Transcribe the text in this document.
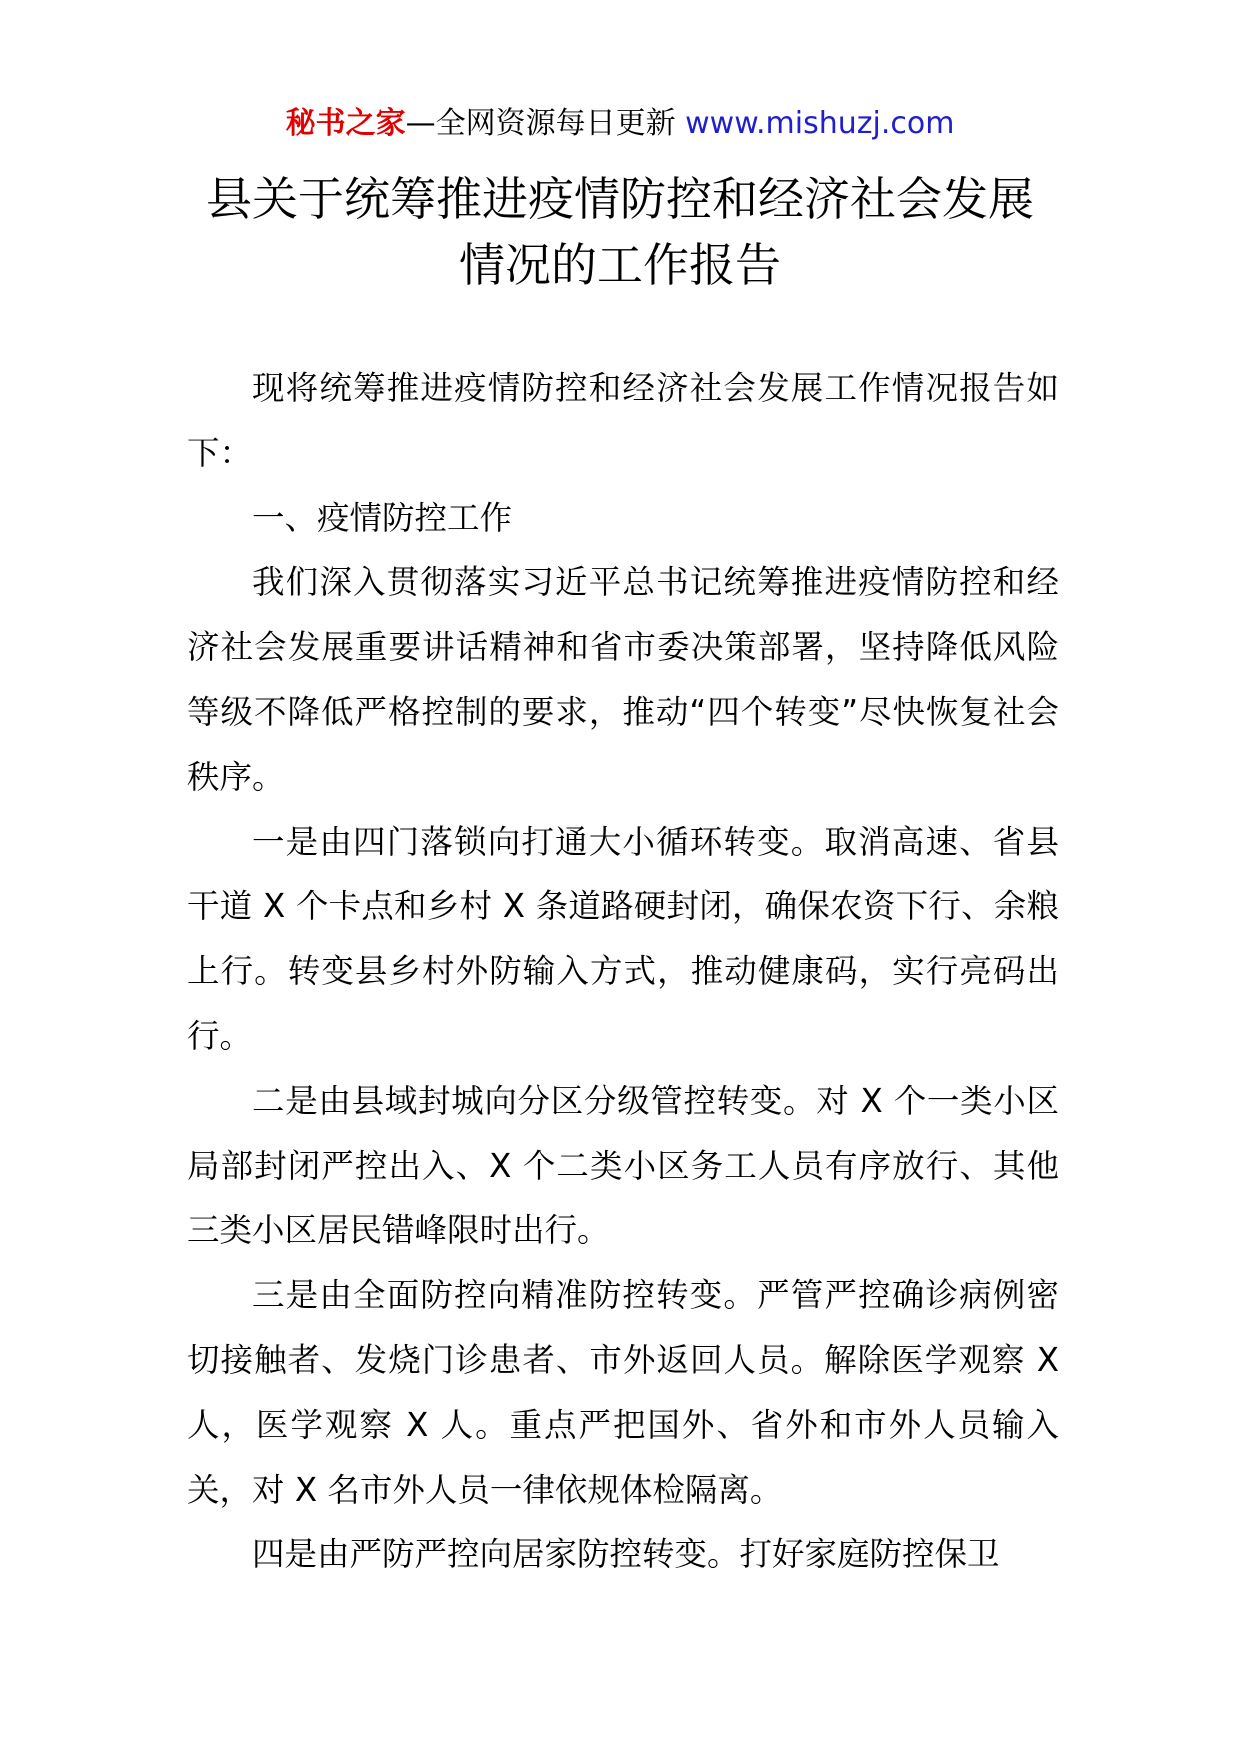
秘书之家—全网资源每日更新 www.mishuzj.com
县关于统筹推进疫情防控和经济社会发展
情况的工作报告

现将统筹推进疫情防控和经济社会发展工作情况报告如下：

一、疫情防控工作

我们深入贯彻落实习近平总书记统筹推进疫情防控和经济社会发展重要讲话精神和省市委决策部署，坚持降低风险等级不降低严格控制的要求，推动“四个转变”尽快恢复社会秩序。

一是由四门落锁向打通大小循环转变。取消高速、省县干道 X 个卡点和乡村 X 条道路硬封闭，确保农资下行、余粮上行。转变县乡村外防输入方式，推动健康码，实行亮码出行。

二是由县域封城向分区分级管控转变。对 X 个一类小区局部封闭严控出入、X 个二类小区务工人员有序放行、其他三类小区居民错峰限时出行。

三是由全面防控向精准防控转变。严管严控确诊病例密切接触者、发烧门诊患者、市外返回人员。解除医学观察 X 人，医学观察 X 人。重点严把国外、省外和市外人员输入关，对 X 名市外人员一律依规体检隔离。

四是由严防严控向居家防控转变。打好家庭防控保卫
